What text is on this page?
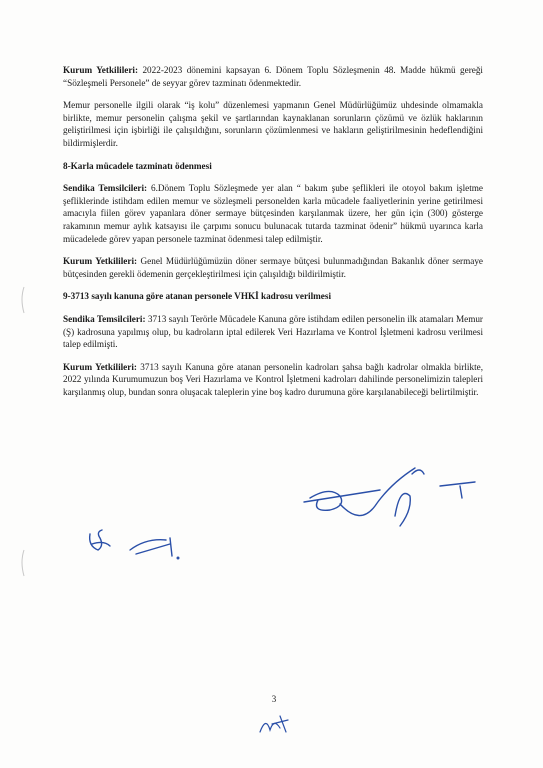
Kurum Yetkilileri: 2022-2023 dönemini kapsayan 6. Dönem Toplu Sözleşmenin 48. Madde hükmü gereği “Sözleşmeli Personele” de seyyar görev tazminatı ödenmektedir.

Memur personelle ilgili olarak “iş kolu” düzenlemesi yapmanın Genel Müdürlüğümüz uhdesinde olmamakla birlikte, memur personelin çalışma şekil ve şartlarından kaynaklanan sorunların çözümü ve özlük haklarının geliştirilmesi için işbirliği ile çalışıldığını, sorunların çözümlenmesi ve hakların geliştirilmesinin hedeflendiğini bildirmişlerdir.

8-Karla mücadele tazminatı ödenmesi

Sendika Temsilcileri: 6.Dönem Toplu Sözleşmede yer alan “ bakım şube şeflikleri ile otoyol bakım işletme şefliklerinde istihdam edilen memur ve sözleşmeli personelden karla mücadele faaliyetlerinin yerine getirilmesi amacıyla fiilen görev yapanlara döner sermaye bütçesinden karşılanmak üzere, her gün için (300) gösterge rakamının memur aylık katsayısı ile çarpımı sonucu bulunacak tutarda tazminat ödenir” hükmü uyarınca karla mücadelede görev yapan personele tazminat ödenmesi talep edilmiştir.

Kurum Yetkilileri: Genel Müdürlüğümüzün döner sermaye bütçesi bulunmadığından Bakanlık döner sermaye bütçesinden gerekli ödemenin gerçekleştirilmesi için çalışıldığı bildirilmiştir.

9-3713 sayılı kanuna göre atanan personele VHKİ kadrosu verilmesi

Sendika Temsilcileri: 3713 sayılı Terörle Mücadele Kanuna göre istihdam edilen personelin ilk atamaları Memur (Ş) kadrosuna yapılmış olup, bu kadroların iptal edilerek Veri Hazırlama ve Kontrol İşletmeni kadrosu verilmesi talep edilmişti.

Kurum Yetkilileri: 3713 sayılı Kanuna göre atanan personelin kadroları şahsa bağlı kadrolar olmakla birlikte, 2022 yılında Kurumumuzun boş Veri Hazırlama ve Kontrol İşletmeni kadroları dahilinde personelimizin talepleri karşılanmış olup, bundan sonra oluşacak taleplerin yine boş kadro durumuna göre karşılanabileceği belirtilmiştir.

3
